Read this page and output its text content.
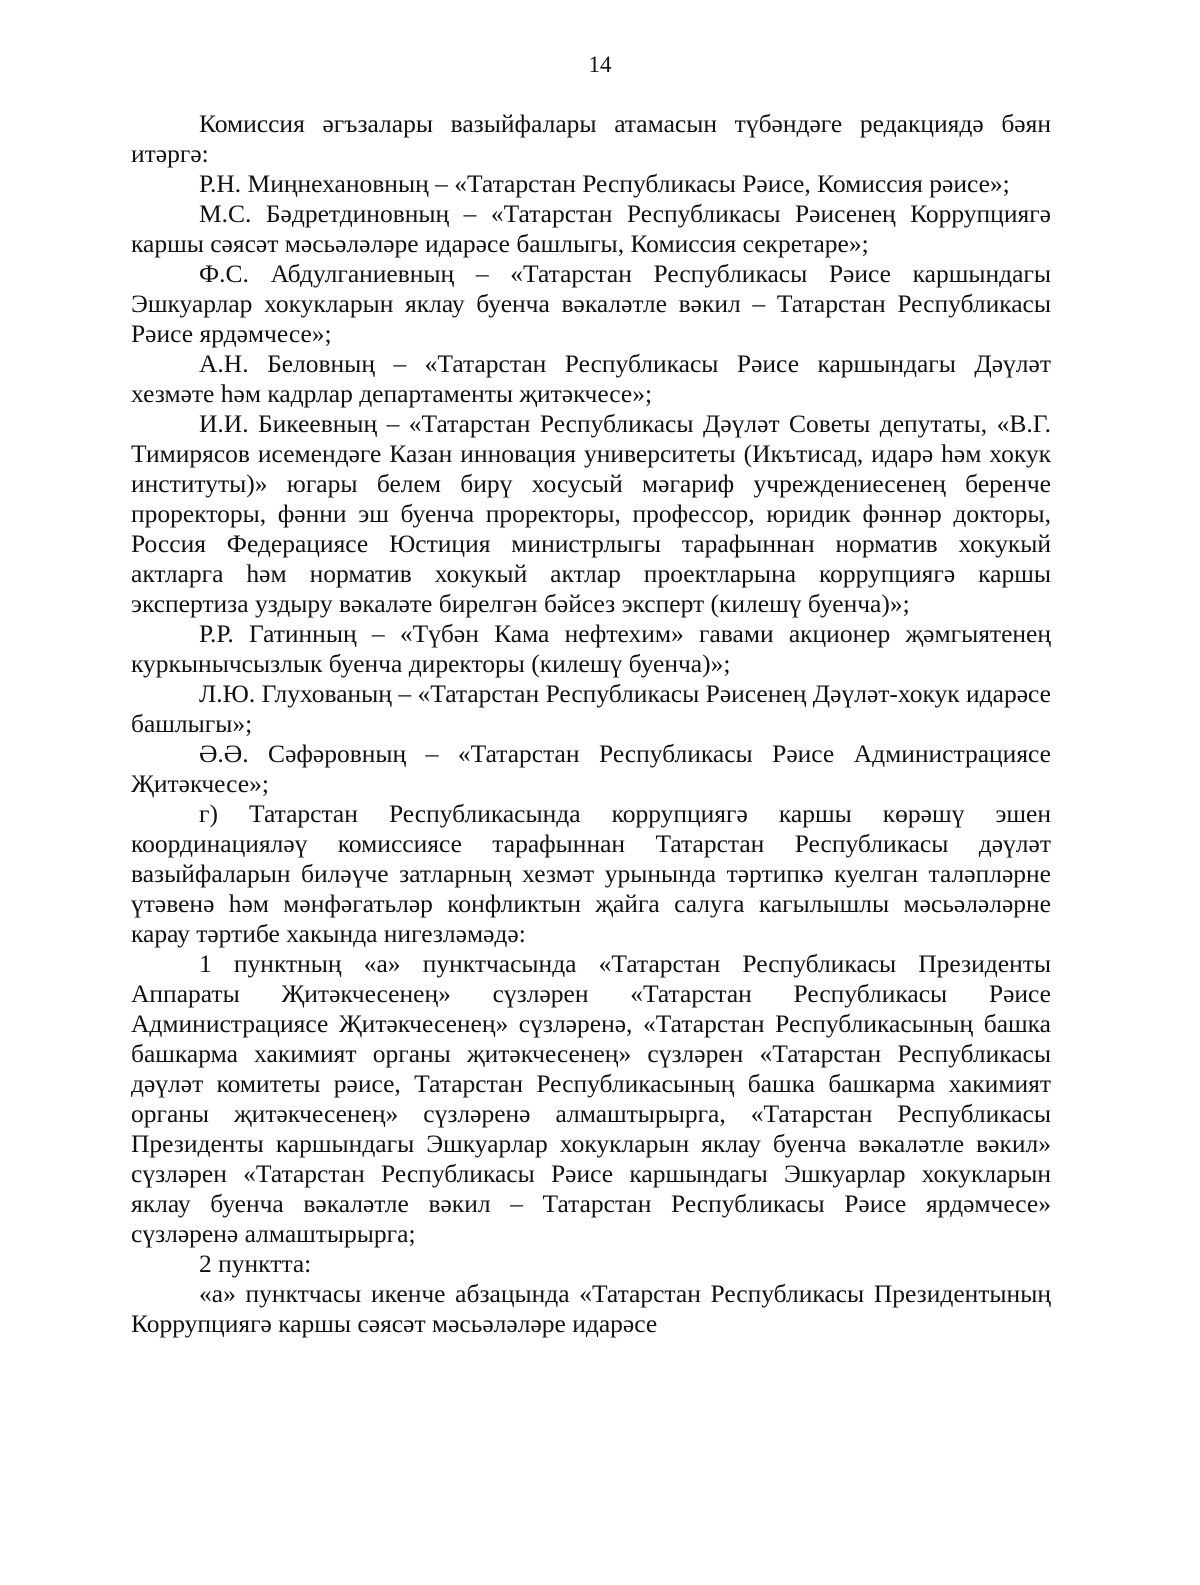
14

Комиссия әгъзалары вазыйфалары атамасын түбәндәге редакциядә бәян итәргә:

Р.Н. Миңнехановның – «Татарстан Республикасы Рәисе, Комиссия рәисе»;

М.С. Бәдретдиновның – «Татарстан Республикасы Рәисенең Коррупциягә каршы сәясәт мәсьәләләре идарәсе башлыгы, Комиссия секретаре»;

Ф.С. Абдулганиевның – «Татарстан Республикасы Рәисе каршындагы Эшкуарлар хокукларын яклау буенча вәкаләтле вәкил – Татарстан Республикасы Рәисе ярдәмчесе»;

А.Н. Беловның – «Татарстан Республикасы Рәисе каршындагы Дәүләт хезмәте һәм кадрлар департаменты җитәкчесе»;

И.И. Бикеевның – «Татарстан Республикасы Дәүләт Советы депутаты, «В.Г. Тимирясов исемендәге Казан инновация университеты (Икътисад, идарә һәм хокук институты)» югары белем бирү хосусый мәгариф учреждениесенең беренче проректоры, фәнни эш буенча проректоры, профессор, юридик фәннәр докторы, Россия Федерациясе Юстиция министрлыгы тарафыннан норматив хокукый актларга һәм норматив хокукый актлар проектларына коррупциягә каршы экспертиза уздыру вәкаләте бирелгән бәйсез эксперт (килешү буенча)»;

Р.Р. Гатинның – «Түбән Кама нефтехим» гавами акционер җәмгыятенең куркынычсызлык буенча директоры (килешү буенча)»;

Л.Ю. Глухованың – «Татарстан Республикасы Рәисенең Дәүләт-хокук идарәсе башлыгы»;

Ә.Ә. Сәфәровның – «Татарстан Республикасы Рәисе Администрациясе Җитәкчесе»;

г) Татарстан Республикасында коррупциягә каршы көрәшү эшен координацияләү комиссиясе тарафыннан Татарстан Республикасы дәүләт вазыйфаларын биләүче затларның хезмәт урынында тәртипкә куелган таләпләрне үтәвенә һәм мәнфәгатьләр конфликтын җайга салуга кагылышлы мәсьәләләрне карау тәртибе хакында нигезләмәдә:

1 пунктның «а» пунктчасында «Татарстан Республикасы Президенты Аппараты Җитәкчесенең» сүзләрен «Татарстан Республикасы Рәисе Администрациясе Җитәкчесенең» сүзләренә, «Татарстан Республикасының башка башкарма хакимият органы җитәкчесенең» сүзләрен «Татарстан Республикасы дәүләт комитеты рәисе, Татарстан Республикасының башка башкарма хакимият органы җитәкчесенең» сүзләренә алмаштырырга, «Татарстан Республикасы Президенты каршындагы Эшкуарлар хокукларын яклау буенча вәкаләтле вәкил» сүзләрен «Татарстан Республикасы Рәисе каршындагы Эшкуарлар хокукларын яклау буенча вәкаләтле вәкил – Татарстан Республикасы Рәисе ярдәмчесе» сүзләренә алмаштырырга;

2 пунктта:

«а» пунктчасы икенче абзацында «Татарстан Республикасы Президентының Коррупциягә каршы сәясәт мәсьәләләре идарәсе
